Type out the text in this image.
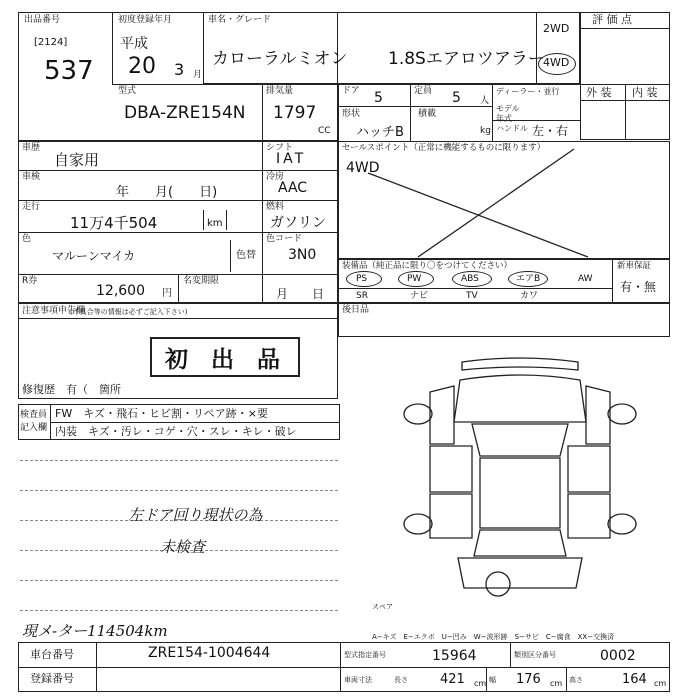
出品番号
[2124]
537
初度登録年月
平成
20 3 月
車名・グレード
カローラルミオン 1.8Sエアロツアラー
2WD
4WD
評 価 点
外 装 内 装
型式
DBA-ZRE154N
排気量
1797
CC
ドア 5	定員 5 人
ディーラー・並行
モデル年式
形状
ハッチB
積載
kg ハンドル 左・右
車歴
自家用
シフト
IAT
車検
年　　月(　　日)
冷房
AAC
走行
11万4千504	km
燃料
ガソリン
色
マルーンマイカ	色替
色コード
3N0
R券
12,600 円
名変期限
月　　日
セールスポイント（正常に機能するものに限ります）
4WD
装備品（純正品に限り〇をつけてください）	新車保証
有・無
PS	PW	ABS	エアB	AW
SR	ナビ	TV	カワ
後日品
注意事項申告欄
(不具合等の情報は必ずご記入下さい)
初　出　品
修復歴　有（　箇所
検査員記入欄
FW　キズ・飛石・ヒビ割・リペア跡・×要
内装　キズ・汚レ・コゲ・穴・スレ・キレ・破レ
左ドア回り現状の為
未検査
現メ-ター114504km
スペア
A−キズ　E−エクボ　U−凹み　W−波形跡　S−サビ　C−腐食　XX−交換済
車台番号	ZRE154-1004644
登録番号
型式指定番号	15964	類別区分番号	0002
車両寸法	長さ 421 cm 幅 176 cm 高さ	164 cm
